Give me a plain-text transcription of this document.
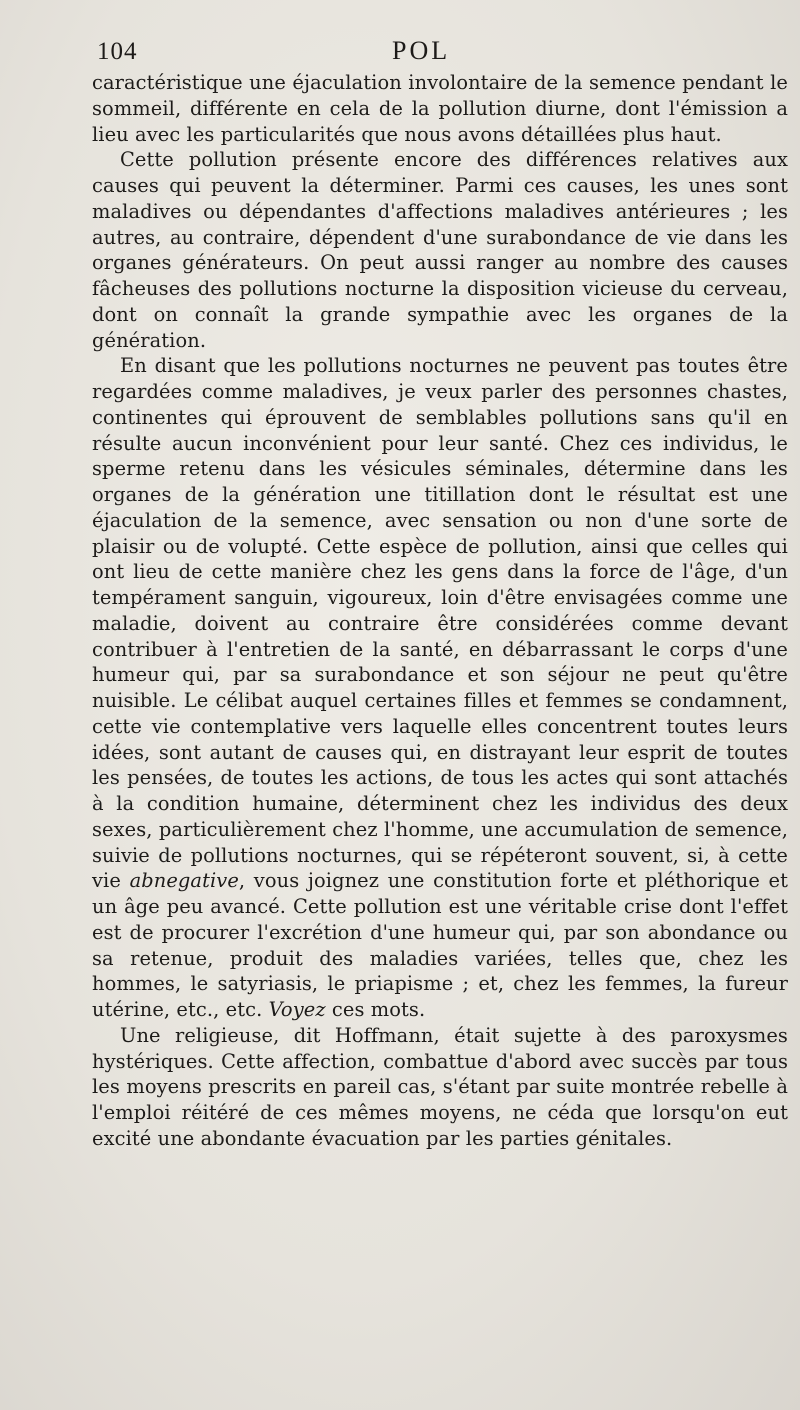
104	POL

caractéristique une éjaculation involontaire de la semence pendant le sommeil, différente en cela de la pollution diurne, dont l'émission a lieu avec les particularités que nous avons détaillées plus haut.

Cette pollution présente encore des différences relatives aux causes qui peuvent la déterminer. Parmi ces causes, les unes sont maladives ou dépendantes d'affections maladives antérieures ; les autres, au contraire, dépendent d'une surabondance de vie dans les organes générateurs. On peut aussi ranger au nombre des causes fâcheuses des pollutions nocturne la disposition vicieuse du cerveau, dont on connaît la grande sympathie avec les organes de la génération.

En disant que les pollutions nocturnes ne peuvent pas toutes être regardées comme maladives, je veux parler des personnes chastes, continentes qui éprouvent de semblables pollutions sans qu'il en résulte aucun inconvénient pour leur santé. Chez ces individus, le sperme retenu dans les vésicules séminales, détermine dans les organes de la génération une titillation dont le résultat est une éjaculation de la semence, avec sensation ou non d'une sorte de plaisir ou de volupté. Cette espèce de pollution, ainsi que celles qui ont lieu de cette manière chez les gens dans la force de l'âge, d'un tempérament sanguin, vigoureux, loin d'être envisagées comme une maladie, doivent au contraire être considérées comme devant contribuer à l'entretien de la santé, en débarrassant le corps d'une humeur qui, par sa surabondance et son séjour ne peut qu'être nuisible. Le célibat auquel certaines filles et femmes se condamnent, cette vie contemplative vers laquelle elles concentrent toutes leurs idées, sont autant de causes qui, en distrayant leur esprit de toutes les pensées, de toutes les actions, de tous les actes qui sont attachés à la condition humaine, déterminent chez les individus des deux sexes, particulièrement chez l'homme, une accumulation de semence, suivie de pollutions nocturnes, qui se répéteront souvent, si, à cette vie abnegative, vous joignez une constitution forte et pléthorique et un âge peu avancé. Cette pollution est une véritable crise dont l'effet est de procurer l'excrétion d'une humeur qui, par son abondance ou sa retenue, produit des maladies variées, telles que, chez les hommes, le satyriasis, le priapisme ; et, chez les femmes, la fureur utérine, etc., etc. Voyez ces mots.

Une religieuse, dit Hoffmann, était sujette à des paroxysmes hystériques. Cette affection, combattue d'abord avec succès par tous les moyens prescrits en pareil cas, s'étant par suite montrée rebelle à l'emploi réitéré de ces mêmes moyens, ne céda que lorsqu'on eut excité une abondante évacuation par les parties génitales.
